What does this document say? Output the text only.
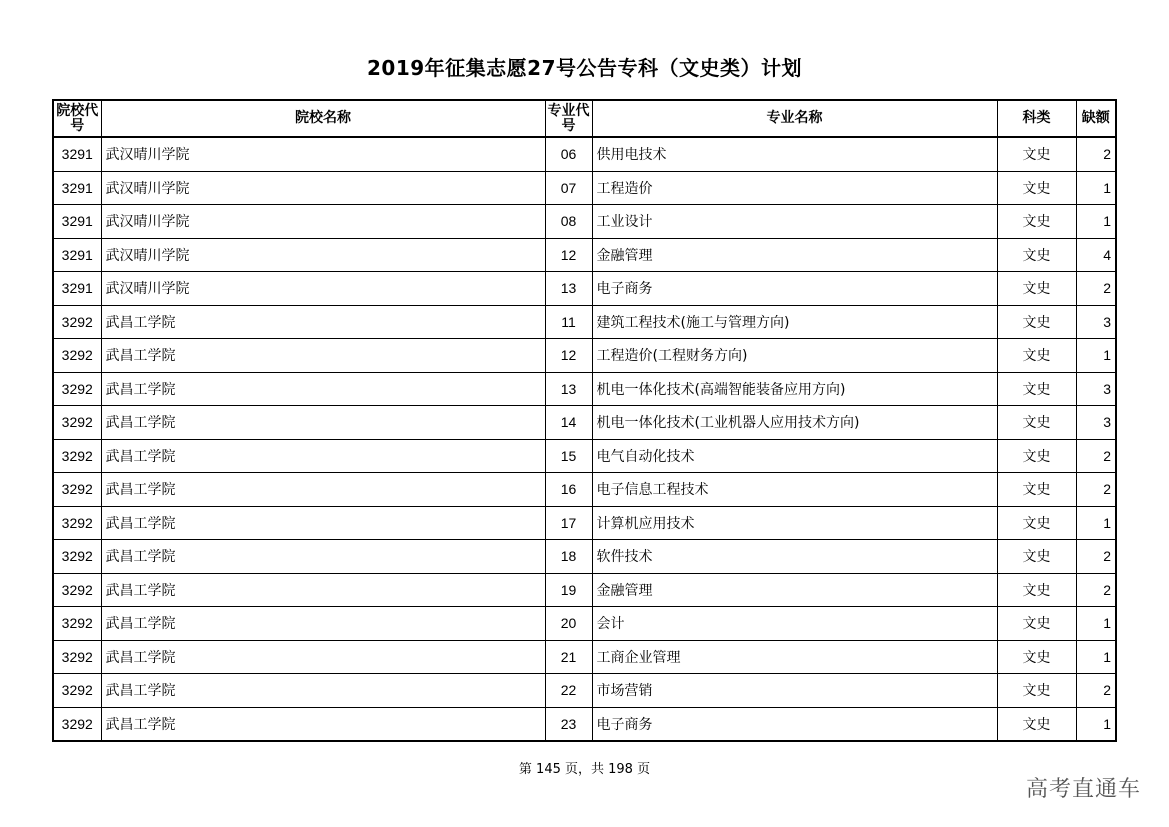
2019年征集志愿27号公告专科（文史类）计划
院校代号	院校名称	专业代号	专业名称	科类	缺额
3291	武汉晴川学院	06	供用电技术	文史	2
3291	武汉晴川学院	07	工程造价	文史	1
3291	武汉晴川学院	08	工业设计	文史	1
3291	武汉晴川学院	12	金融管理	文史	4
3291	武汉晴川学院	13	电子商务	文史	2
3292	武昌工学院	11	建筑工程技术(施工与管理方向)	文史	3
3292	武昌工学院	12	工程造价(工程财务方向)	文史	1
3292	武昌工学院	13	机电一体化技术(高端智能装备应用方向)	文史	3
3292	武昌工学院	14	机电一体化技术(工业机器人应用技术方向)	文史	3
3292	武昌工学院	15	电气自动化技术	文史	2
3292	武昌工学院	16	电子信息工程技术	文史	2
3292	武昌工学院	17	计算机应用技术	文史	1
3292	武昌工学院	18	软件技术	文史	2
3292	武昌工学院	19	金融管理	文史	2
3292	武昌工学院	20	会计	文史	1
3292	武昌工学院	21	工商企业管理	文史	1
3292	武昌工学院	22	市场营销	文史	2
3292	武昌工学院	23	电子商务	文史	1
第 145 页，共 198 页
高考直通车
